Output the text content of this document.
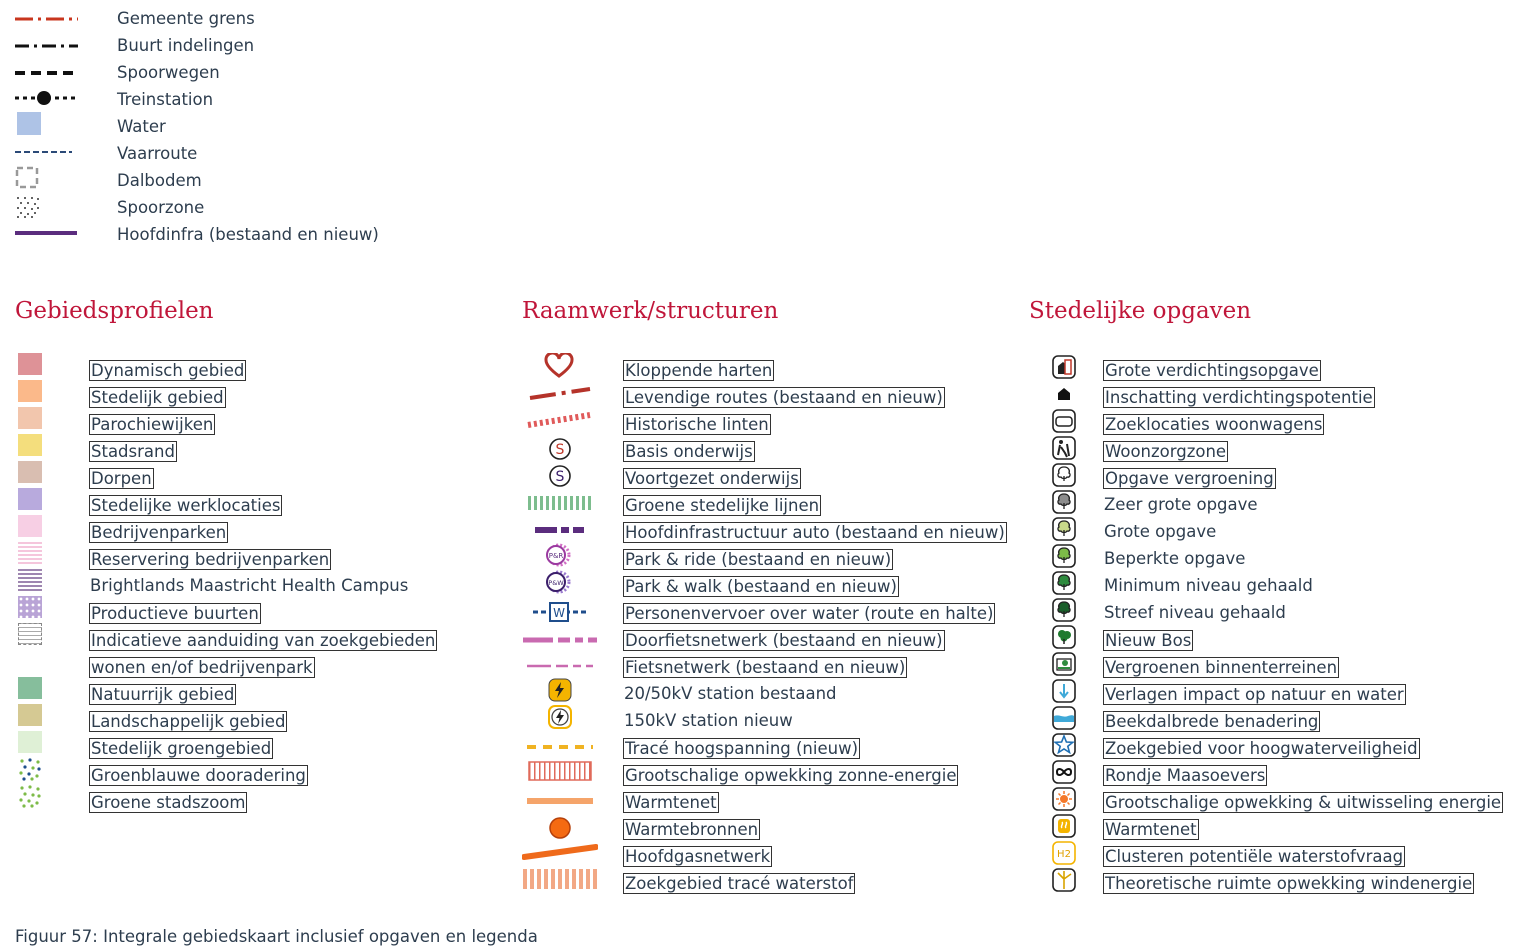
Gemeente grens
Buurt indelingen
Spoorwegen
Treinstation
Water
Vaarroute
Dalbodem
Spoorzone
Hoofdinfra (bestaand en nieuw)
Gebiedsprofielen	Raamwerk/structuren	Stedelijke opgaven
Dynamisch gebied
Stedelijk gebied
Parochiewijken
Stadsrand
Dorpen
Stedelijke werklocaties
Bedrijvenparken
Reservering bedrijvenparken
Brightlands Maastricht Health Campus
Productieve buurten
Indicatieve aanduiding van zoekgebieden
wonen en/of bedrijvenpark
Natuurrijk gebied
Landschappelijk gebied
Stedelijk groengebied
Groenblauwe dooradering
Groene stadszoom
S
S
P&R
P&W
W
Kloppende harten
Levendige routes (bestaand en nieuw)
Historische linten
Basis onderwijs
Voortgezet onderwijs
Groene stedelijke lijnen
Hoofdinfrastructuur auto (bestaand en nieuw)
Park & ride (bestaand en nieuw)
Park & walk (bestaand en nieuw)
Personenvervoer over water (route en halte)
Doorfietsnetwerk (bestaand en nieuw)
Fietsnetwerk (bestaand en nieuw)
20/50kV station bestaand
150kV station nieuw
Tracé hoogspanning (nieuw)
Grootschalige opwekking zonne-energie
Warmtenet
Warmtebronnen
Hoofdgasnetwerk
Zoekgebied tracé waterstof
H2
Grote verdichtingsopgave
Inschatting verdichtingspotentie
Zoeklocaties woonwagens
Woonzorgzone
Opgave vergroening
Zeer grote opgave
Grote opgave
Beperkte opgave
Minimum niveau gehaald
Streef niveau gehaald
Nieuw Bos
Vergroenen binnenterreinen
Verlagen impact op natuur en water
Beekdalbrede benadering
Zoekgebied voor hoogwaterveiligheid
Rondje Maasoevers
Grootschalige opwekking & uitwisseling energie
Warmtenet
Clusteren potentiële waterstofvraag
Theoretische ruimte opwekking windenergie
Figuur 57: Integrale gebiedskaart inclusief opgaven en legenda
